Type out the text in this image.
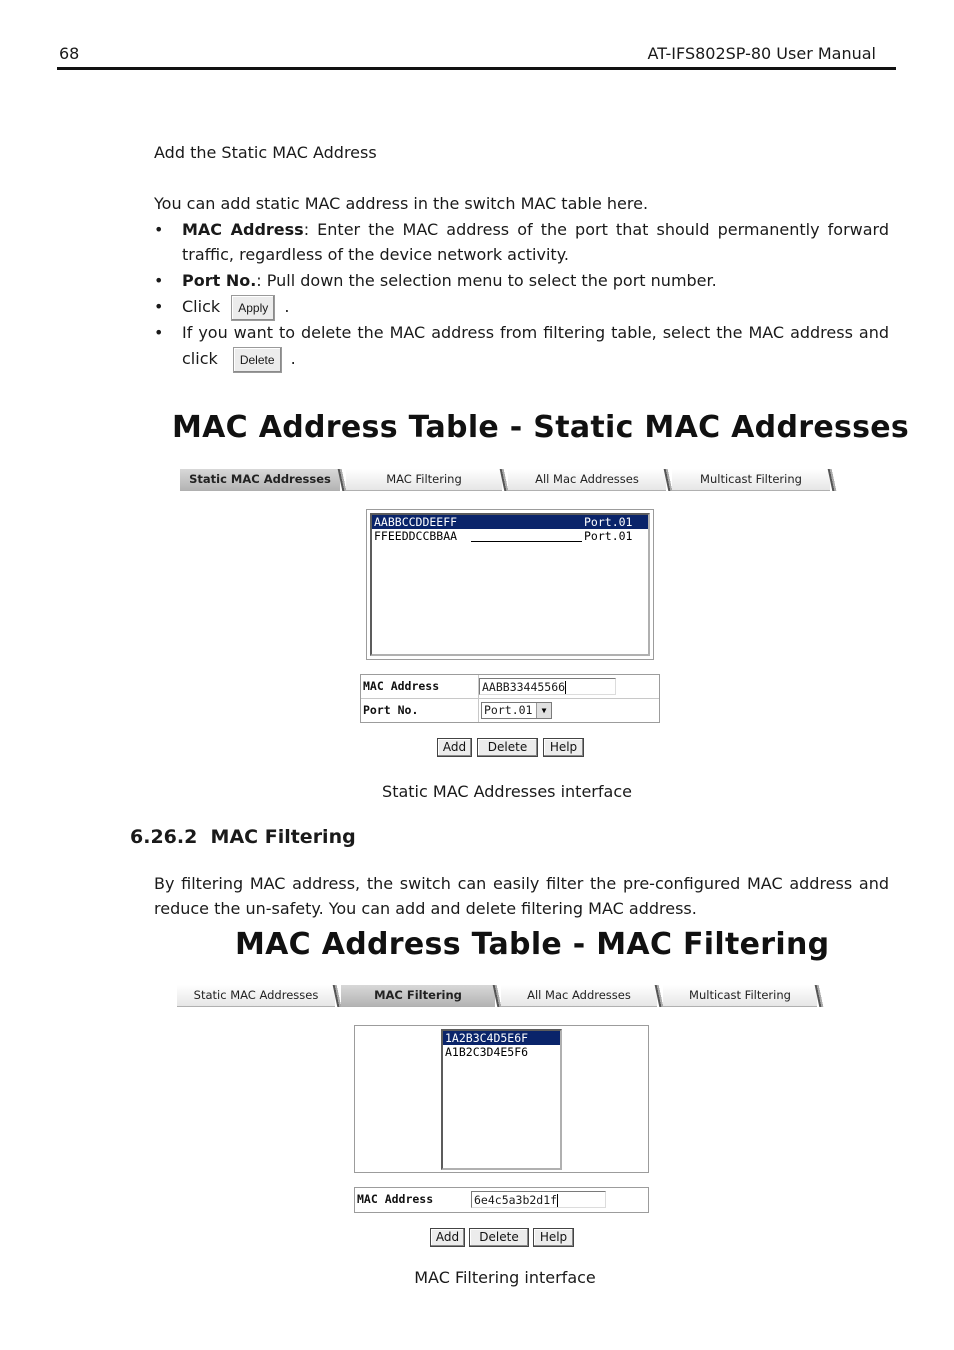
68	AT-IFS802SP-80 User Manual
Add the Static MAC Address
You can add static MAC address in the switch MAC table here.
•	MAC Address: Enter the MAC address of the port that should permanently forward traffic, regardless of the device network activity.
•	Port No.: Pull down the selection menu to select the port number.
•	Click Apply .
•	If you want to delete the MAC address from filtering table, select the MAC address and click Delete .
MAC Address Table - Static MAC Addresses
Static MAC Addresses	MAC Filtering	All Mac Addresses	Multicast Filtering
AABBCCDDEEFF	Port.01
FFEEDDCCBBAA	Port.01
MAC Address	AABB33445566
Port No.	Port.01	▼
Add	Delete	Help
Static MAC Addresses interface
6.26.2  MAC Filtering
By filtering MAC address, the switch can easily filter the pre-configured MAC address and reduce the un-safety. You can add and delete filtering MAC address.
MAC Address Table - MAC Filtering
Static MAC Addresses	MAC Filtering	All Mac Addresses	Multicast Filtering
1A2B3C4D5E6F
A1B2C3D4E5F6
MAC Address	6e4c5a3b2d1f
Add	Delete	Help
MAC Filtering interface
